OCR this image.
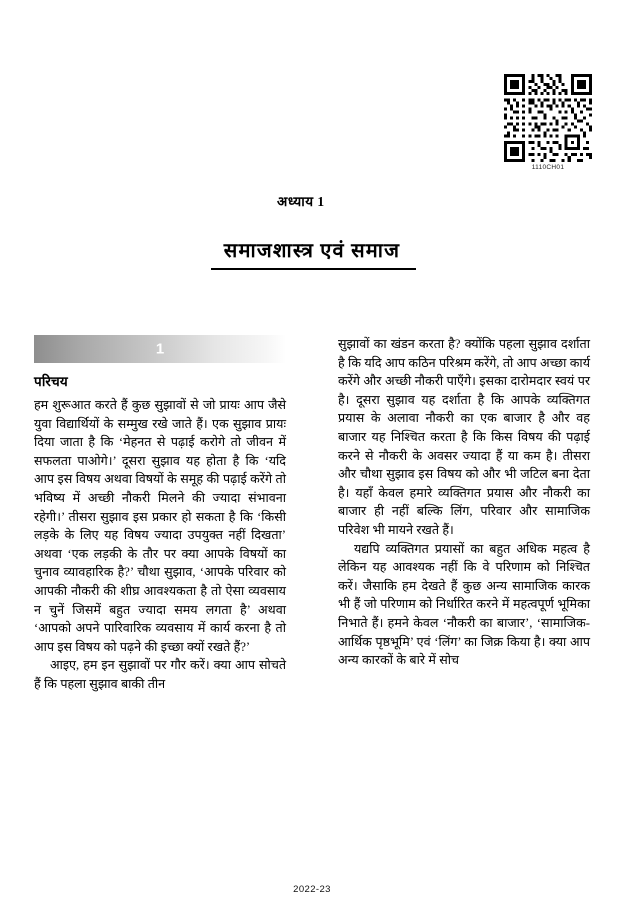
1110CH01
अध्याय 1
समाजशास्त्र एवं समाज
1
परिचय

हम शुरूआत करते हैं कुछ सुझावों से जो प्रायः आप जैसे युवा विद्यार्थियों के सम्मुख रखे जाते हैं। एक सुझाव प्रायः दिया जाता है कि ‘मेहनत से पढ़ाई करोगे तो जीवन में सफलता पाओगे।’ दूसरा सुझाव यह होता है कि ‘यदि आप इस विषय अथवा विषयों के समूह की पढ़ाई करेंगे तो भविष्य में अच्छी नौकरी मिलने की ज्यादा संभावना रहेगी।’ तीसरा सुझाव इस प्रकार हो सकता है कि ‘किसी लड़के के लिए यह विषय ज्यादा उपयुक्त नहीं दिखता’ अथवा ‘एक लड़की के तौर पर क्या आपके विषयों का चुनाव व्यावहारिक है?’ चौथा सुझाव, ‘आपके परिवार को आपकी नौकरी की शीघ्र आवश्यकता है तो ऐसा व्यवसाय न चुनें जिसमें बहुत ज्यादा समय लगता है’ अथवा ‘आपको अपने पारिवारिक व्यवसाय में कार्य करना है तो आप इस विषय को पढ़ने की इच्छा क्यों रखते हैं?’

आइए, हम इन सुझावों पर गौर करें। क्या आप सोचते हैं कि पहला सुझाव बाकी तीन

सुझावों का खंडन करता है? क्योंकि पहला सुझाव दर्शाता है कि यदि आप कठिन परिश्रम करेंगे, तो आप अच्छा कार्य करेंगे और अच्छी नौकरी पाएँगे। इसका दारोमदार स्वयं पर है। दूसरा सुझाव यह दर्शाता है कि आपके व्यक्तिगत प्रयास के अलावा नौकरी का एक बाजार है और वह बाजार यह निश्चित करता है कि किस विषय की पढ़ाई करने से नौकरी के अवसर ज्यादा हैं या कम है। तीसरा और चौथा सुझाव इस विषय को और भी जटिल बना देता है। यहाँ केवल हमारे व्यक्तिगत प्रयास और नौकरी का बाजार ही नहीं बल्कि लिंग, परिवार और सामाजिक परिवेश भी मायने रखते हैं।

यद्यपि व्यक्तिगत प्रयासों का बहुत अधिक महत्व है लेकिन यह आवश्यक नहीं कि वे परिणाम को निश्चित करें। जैसाकि हम देखते हैं कुछ अन्य सामाजिक कारक भी हैं जो परिणाम को निर्धारित करने में महत्वपूर्ण भूमिका निभाते हैं। हमने केवल ‘नौकरी का बाजार’, ‘सामाजिक-आर्थिक पृष्ठभूमि’ एवं ‘लिंग’ का जिक्र किया है। क्या आप अन्य कारकों के बारे में सोच

2022-23
